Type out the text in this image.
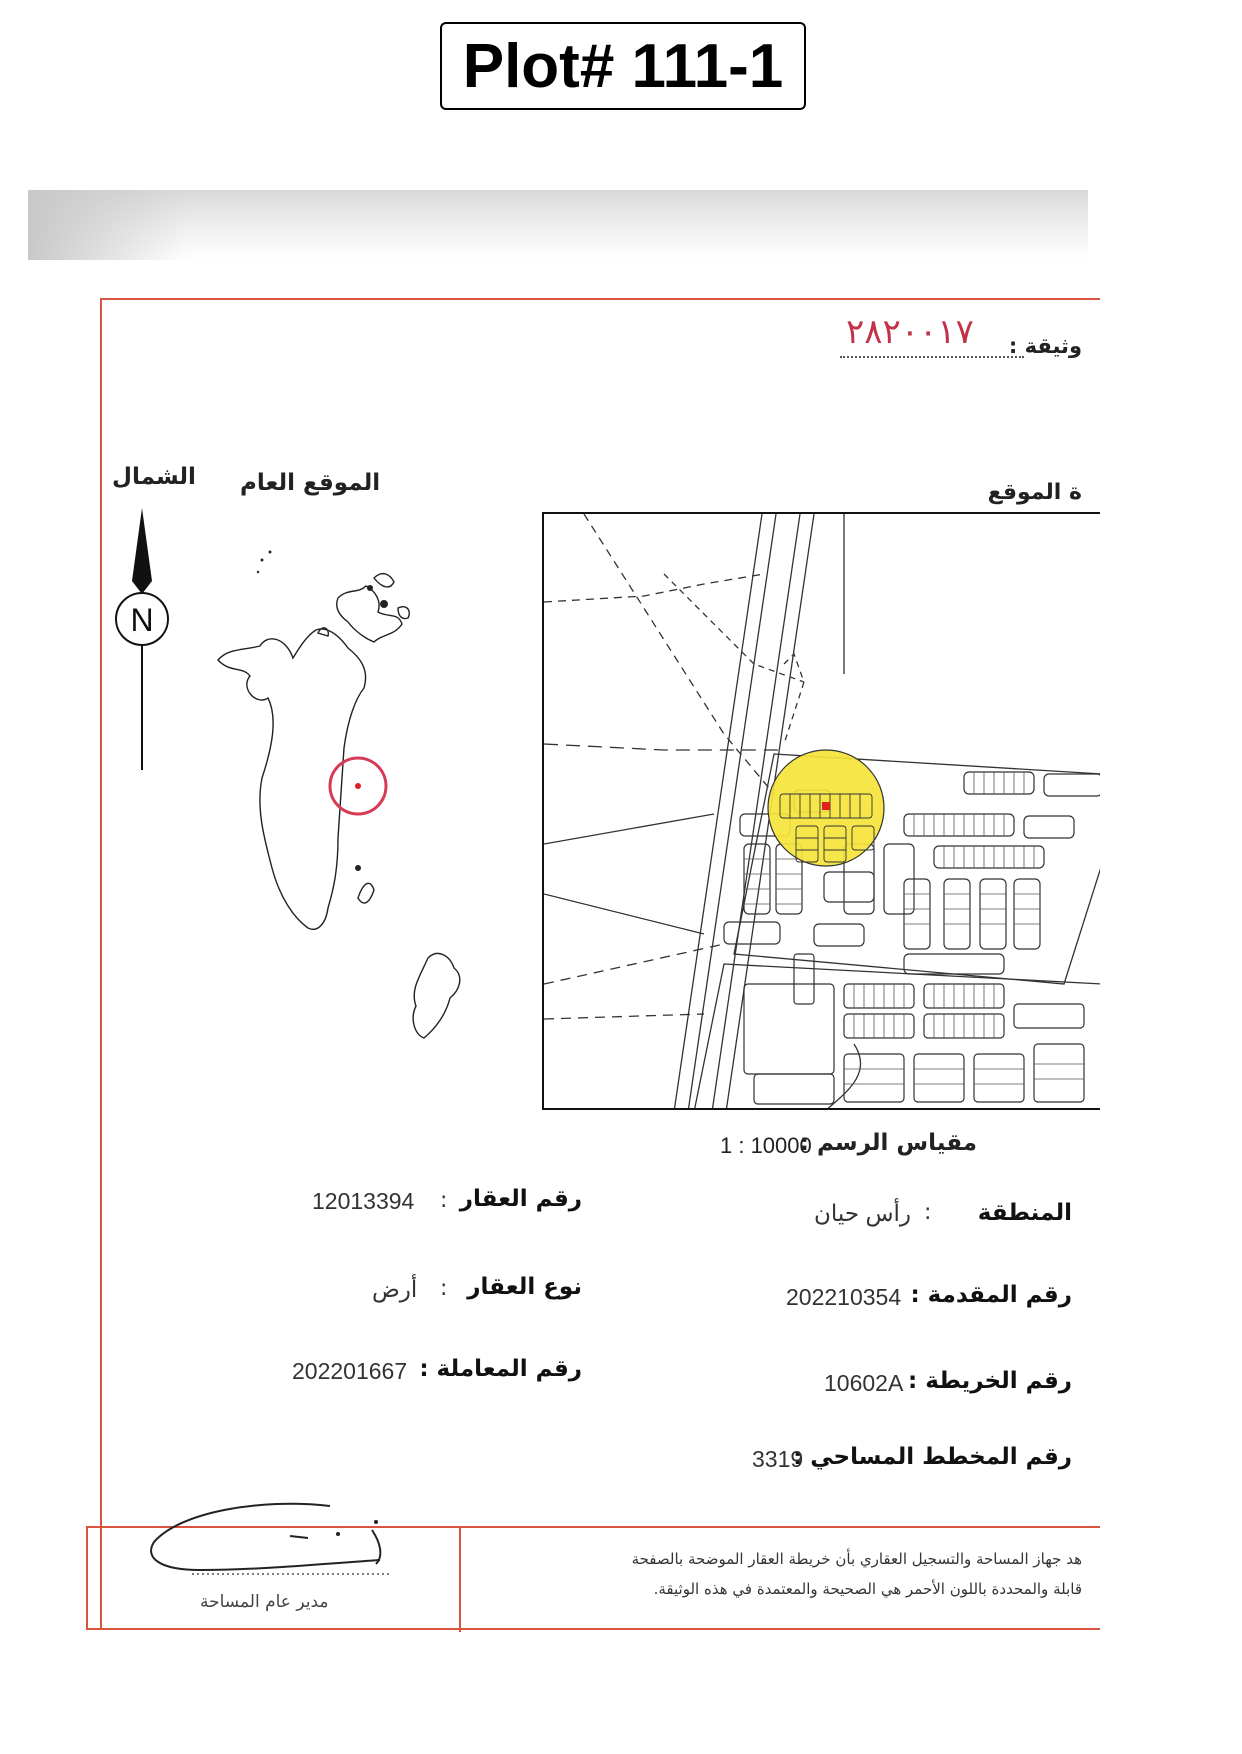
Plot# 111-1
وثيقة :
٢٨٢٠٠١٧
ة الموقع
الموقع العام
الشمال
N
مقياس الرسم :
1 : 10000
المنطقة
:
رأس حيان
رقم المقدمة :
202210354
رقم الخريطة :
10602A
رقم المخطط المساحي :
3319
رقم العقار
:
12013394
نوع العقار
:
أرض
رقم المعاملة :
202201667
مدير عام المساحة
هد جهاز المساحة والتسجيل العقاري بأن خريطة العقار الموضحة بالصفحة
قابلة والمحددة باللون الأحمر هي الصحيحة والمعتمدة في هذه الوثيقة.
